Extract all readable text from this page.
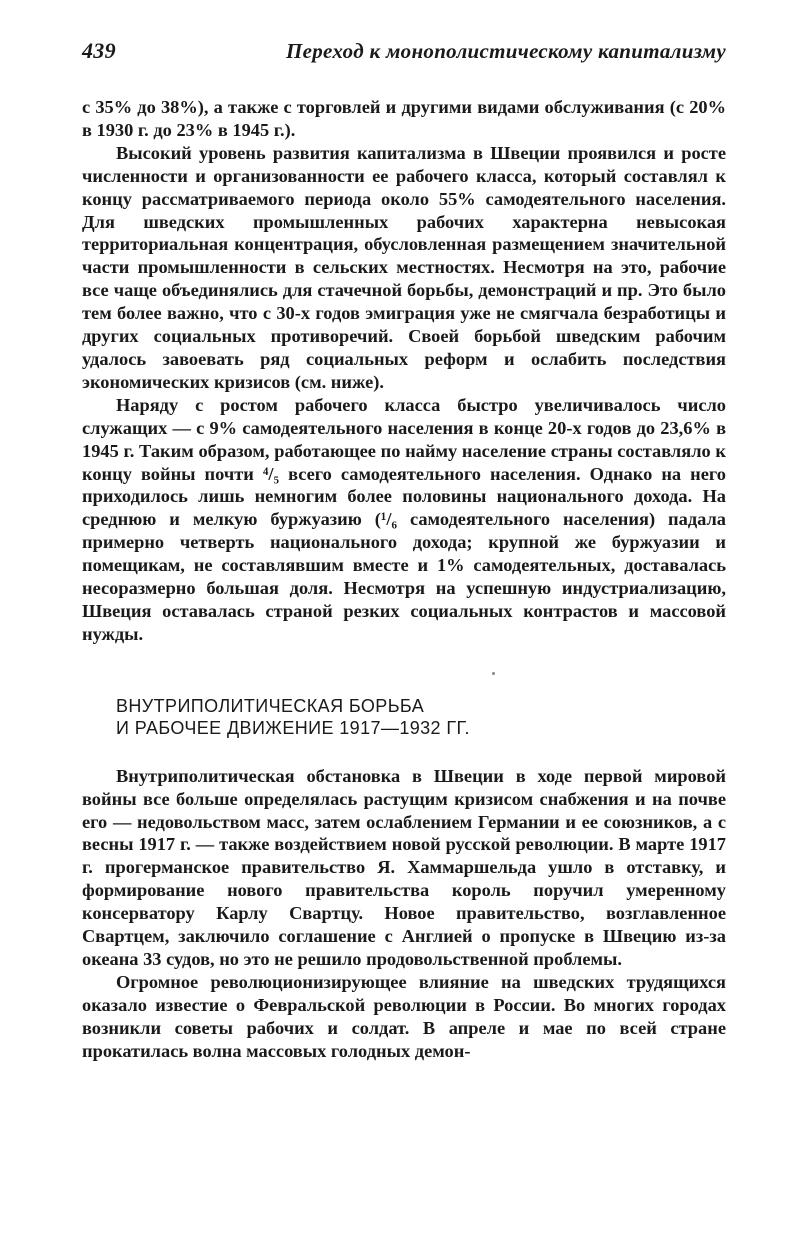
439	Переход к монополистическому капитализму

с 35% до 38%), а также с торговлей и другими видами обслуживания (с 20% в 1930 г. до 23% в 1945 г.).

Высокий уровень развития капитализма в Швеции проявился и росте численности и организованности ее рабочего класса, который составлял к концу рассматриваемого периода около 55% самодеятельного населения. Для шведских промышленных рабочих характерна невысокая территориальная концентрация, обусловленная размещением значительной части промышленности в сельских местностях. Несмотря на это, рабочие все чаще объединялись для стачечной борьбы, демонстраций и пр. Это было тем более важно, что с 30-х годов эмиграция уже не смягчала безработицы и других социальных противоречий. Своей борьбой шведским рабочим удалось завоевать ряд социальных реформ и ослабить последствия экономических кризисов (см. ниже).

Наряду с ростом рабочего класса быстро увеличивалось число служащих — с 9% самодеятельного населения в конце 20-х годов до 23,6% в 1945 г. Таким образом, работающее по найму население страны составляло к концу войны почти ⁴/₅ всего самодеятельного населения. Однако на него приходилось лишь немногим более половины национального дохода. На среднюю и мелкую буржуазию (¹/₆ самодеятельного населения) падала примерно четверть национального дохода; крупной же буржуазии и помещикам, не составлявшим вместе и 1% самодеятельных, доставалась несоразмерно большая доля. Несмотря на успешную индустриализацию, Швеция оставалась страной резких социальных контрастов и массовой нужды.

ВНУТРИПОЛИТИЧЕСКАЯ БОРЬБА
И РАБОЧЕЕ ДВИЖЕНИЕ 1917—1932 ГГ.

Внутриполитическая обстановка в Швеции в ходе первой мировой войны все больше определялась растущим кризисом снабжения и на почве его — недовольством масс, затем ослаблением Германии и ее союзников, а с весны 1917 г. — также воздействием новой русской революции. В марте 1917 г. прогерманское правительство Я. Хаммаршельда ушло в отставку, и формирование нового правительства король поручил умеренному консерватору Карлу Свартцу. Новое правительство, возглавленное Свартцем, заключило соглашение с Англией о пропуске в Швецию из-за океана 33 судов, но это не решило продовольственной проблемы.

Огромное революционизирующее влияние на шведских трудящихся оказало известие о Февральской революции в России. Во многих городах возникли советы рабочих и солдат. В апреле и мае по всей стране прокатилась волна массовых голодных демон-
